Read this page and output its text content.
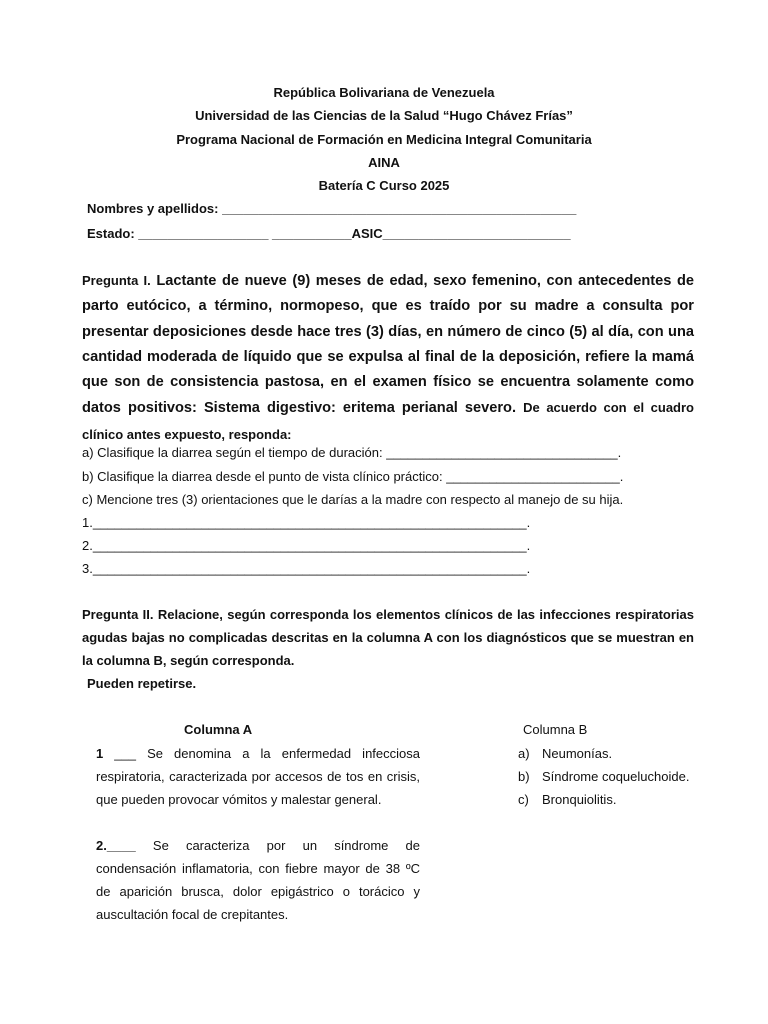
República Bolivariana de Venezuela
Universidad de las Ciencias de la Salud “Hugo Chávez Frías”
Programa Nacional de Formación en Medicina Integral Comunitaria
AINA
Batería C Curso 2025
Nombres y apellidos: _________________________________________________
Estado: __________________ ___________ASIC__________________________
Pregunta I. Lactante de nueve (9) meses de edad, sexo femenino, con antecedentes de parto eutócico, a término, normopeso, que es traído por su madre a consulta por presentar deposiciones desde hace tres (3) días, en número de cinco (5) al día, con una cantidad moderada de líquido que se expulsa al final de la deposición, refiere la mamá que son de consistencia pastosa, en el examen físico se encuentra solamente como datos positivos: Sistema digestivo: eritema perianal severo. De acuerdo con el cuadro clínico antes expuesto, responda:
a) Clasifique la diarrea según el tiempo de duración: ________________________________.
b) Clasifique la diarrea desde el punto de vista clínico práctico: ________________________.
c) Mencione tres (3) orientaciones que le darías a la madre con respecto al manejo de su hija.
1.____________________________________________________________.
2.____________________________________________________________.
3.____________________________________________________________.
Pregunta II. Relacione, según corresponda los elementos clínicos de las infecciones respiratorias agudas bajas no complicadas descritas en la columna A con los diagnósticos que se muestran en la columna B, según corresponda.
Pueden repetirse.
Columna A	Columna B
1 ___ Se denomina a la enfermedad infecciosa respiratoria, caracterizada por accesos de tos en crisis, que pueden provocar vómitos y malestar general.
2.____ Se caracteriza por un síndrome de condensación inflamatoria, con fiebre mayor de 38 ºC de aparición brusca, dolor epigástrico o torácico y auscultación focal de crepitantes.
a) Neumonías.
b) Síndrome coqueluchoide.
c) Bronquiolitis.
